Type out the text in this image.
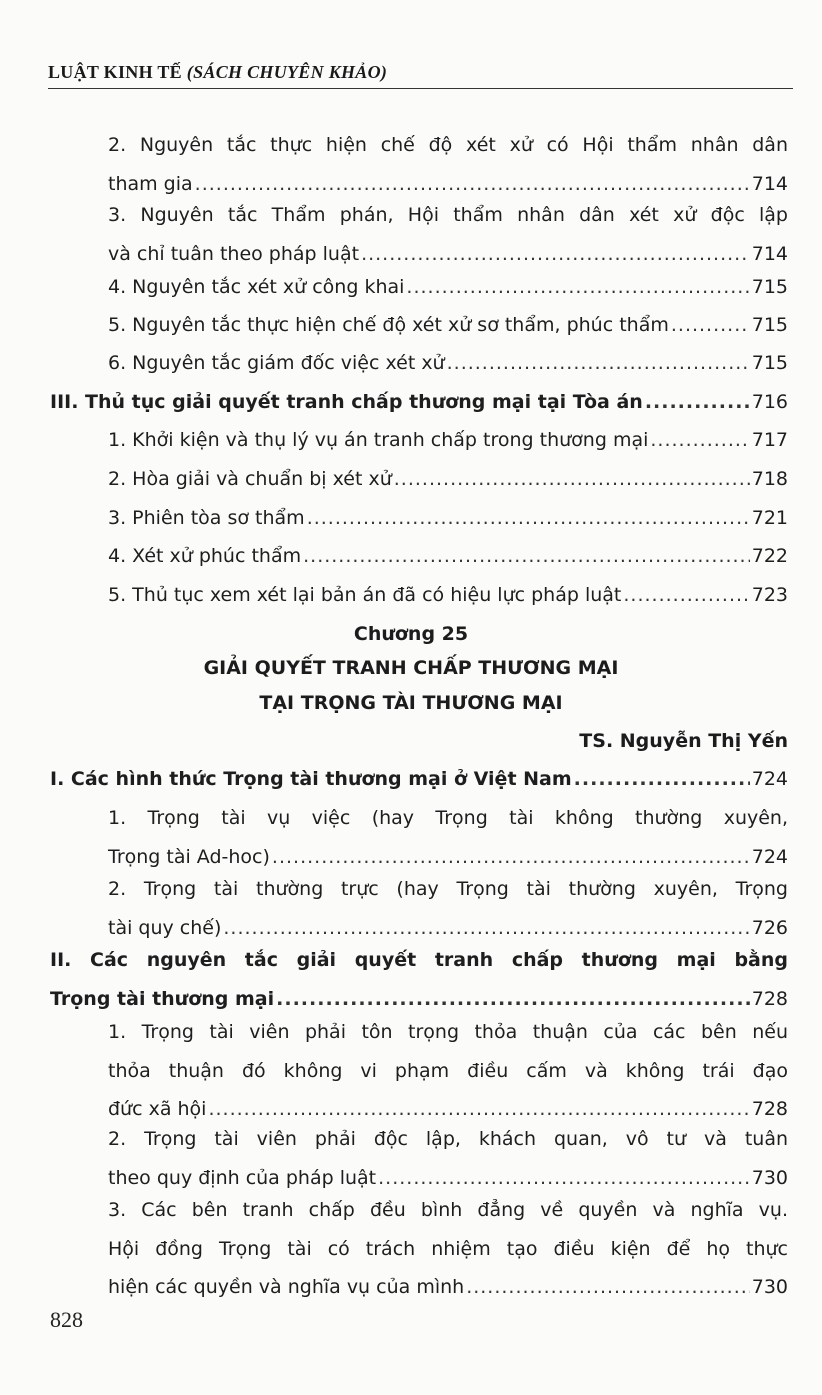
LUẬT KINH TẾ (SÁCH CHUYÊN KHẢO)
2. Nguyên tắc thực hiện chế độ xét xử có Hội thẩm nhân dân
tham gia .....	714
3. Nguyên tắc Thẩm phán, Hội thẩm nhân dân xét xử độc lập
và chỉ tuân theo pháp luật .....	714
4. Nguyên tắc xét xử công khai .....	715
5. Nguyên tắc thực hiện chế độ xét xử sơ thẩm, phúc thẩm .....	715
6. Nguyên tắc giám đốc việc xét xử .....	715
III. Thủ tục giải quyết tranh chấp thương mại tại Tòa án .....	716
1. Khởi kiện và thụ lý vụ án tranh chấp trong thương mại .....	717
2. Hòa giải và chuẩn bị xét xử .....	718
3. Phiên tòa sơ thẩm .....	721
4. Xét xử phúc thẩm .....	722
5. Thủ tục xem xét lại bản án đã có hiệu lực pháp luật .....	723
Chương 25
GIẢI QUYẾT TRANH CHẤP THƯƠNG MẠI
TẠI TRỌNG TÀI THƯƠNG MẠI
TS. Nguyễn Thị Yến
I. Các hình thức Trọng tài thương mại ở Việt Nam .....	724
1. Trọng tài vụ việc (hay Trọng tài không thường xuyên,
Trọng tài Ad-hoc) .....	724
2. Trọng tài thường trực (hay Trọng tài thường xuyên, Trọng
tài quy chế) .....	726
II. Các nguyên tắc giải quyết tranh chấp thương mại bằng
Trọng tài thương mại .....	728
1. Trọng tài viên phải tôn trọng thỏa thuận của các bên nếu
thỏa thuận đó không vi phạm điều cấm và không trái đạo
đức xã hội .....	728
2. Trọng tài viên phải độc lập, khách quan, vô tư và tuân
theo quy định của pháp luật .....	730
3. Các bên tranh chấp đều bình đẳng về quyền và nghĩa vụ.
Hội đồng Trọng tài có trách nhiệm tạo điều kiện để họ thực
hiện các quyền và nghĩa vụ của mình .....	730
828
